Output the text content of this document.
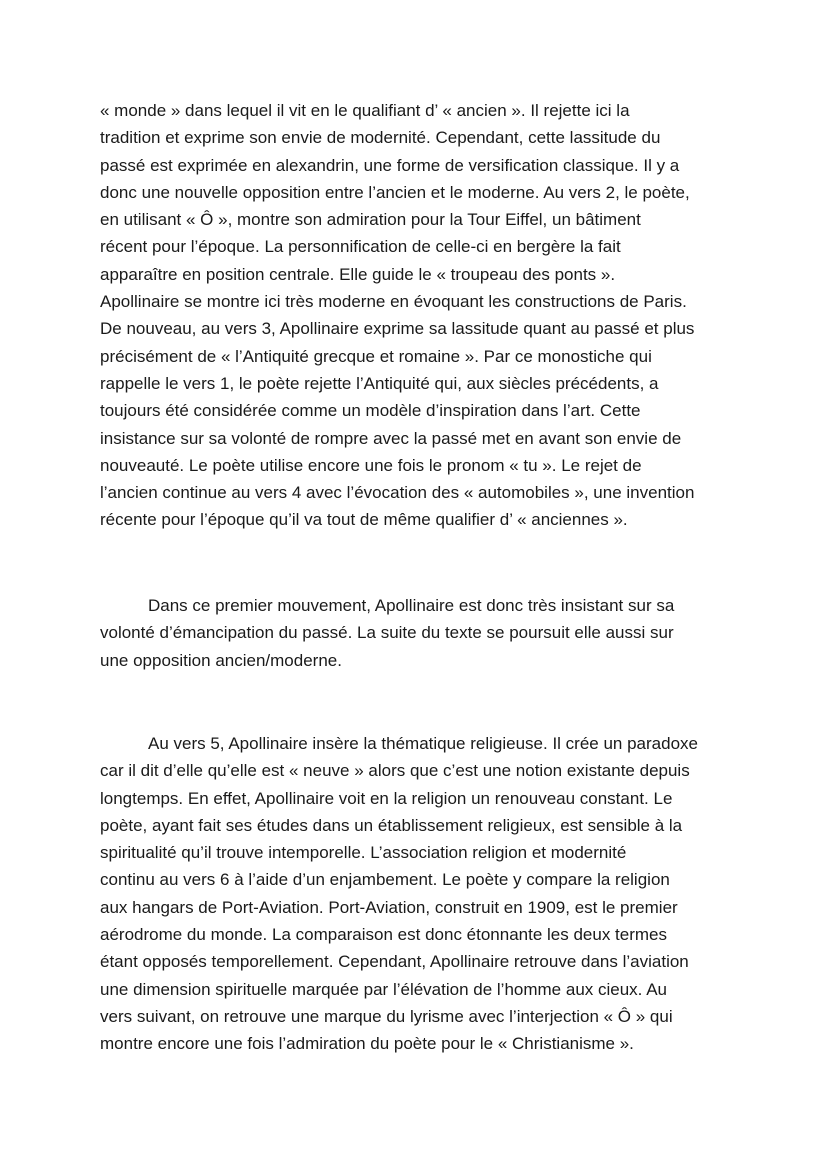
« monde » dans lequel il vit en le qualifiant d’ « ancien ». Il rejette ici la

tradition et exprime son envie de modernité. Cependant, cette lassitude du

passé est exprimée en alexandrin, une forme de versification classique. Il y a

donc une nouvelle opposition entre l’ancien et le moderne. Au vers 2, le poète,

en utilisant « Ô », montre son admiration pour la Tour Eiffel, un bâtiment

récent pour l’époque. La personnification de celle-ci en bergère la fait

apparaître en position centrale. Elle guide le « troupeau des ponts ».

Apollinaire se montre ici très moderne en évoquant les constructions de Paris.

De nouveau, au vers 3, Apollinaire exprime sa lassitude quant au passé et plus

précisément de « l’Antiquité grecque et romaine ». Par ce monostiche qui

rappelle le vers 1, le poète rejette l’Antiquité qui, aux siècles précédents, a

toujours été considérée comme un modèle d’inspiration dans l’art. Cette

insistance sur sa volonté de rompre avec la passé met en avant son envie de

nouveauté. Le poète utilise encore une fois le pronom « tu ». Le rejet de

l’ancien continue au vers 4 avec l’évocation des « automobiles », une invention

récente pour l’époque qu’il va tout de même qualifier d’ « anciennes ».

Dans ce premier mouvement, Apollinaire est donc très insistant sur sa

volonté d’émancipation du passé. La suite du texte se poursuit elle aussi sur

une opposition ancien/moderne.

Au vers 5, Apollinaire insère la thématique religieuse. Il crée un paradoxe

car il dit d’elle qu’elle est « neuve » alors que c’est une notion existante depuis

longtemps. En effet, Apollinaire voit en la religion un renouveau constant. Le

poète, ayant fait ses études dans un établissement religieux, est sensible à la

spiritualité qu’il trouve intemporelle. L’association religion et modernité

continu au vers 6 à l’aide d’un enjambement. Le poète y compare la religion

aux hangars de Port-Aviation. Port-Aviation, construit en 1909, est le premier

aérodrome du monde. La comparaison est donc étonnante les deux termes

étant opposés temporellement. Cependant, Apollinaire retrouve dans l’aviation

une dimension spirituelle marquée par l’élévation de l’homme aux cieux. Au

vers suivant, on retrouve une marque du lyrisme avec l’interjection « Ô » qui

montre encore une fois l’admiration du poète pour le « Christianisme ».
